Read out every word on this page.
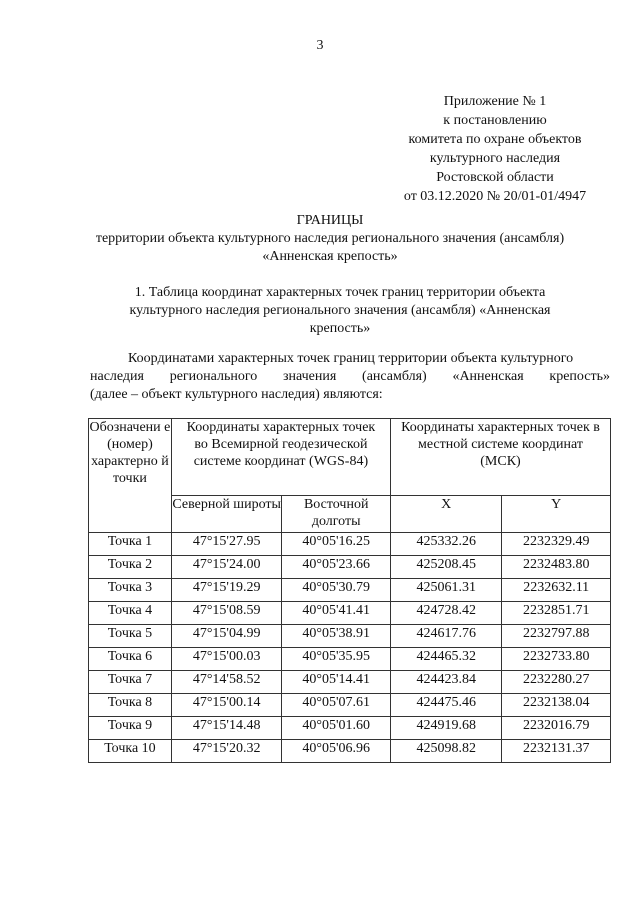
3
Приложение № 1
к постановлению
комитета по охране объектов
культурного наследия
Ростовской области
от 03.12.2020 № 20/01-01/4947
ГРАНИЦЫ
территории объекта культурного наследия регионального значения (ансамбля)
«Анненская крепость»
1. Таблица координат характерных точек границ территории объекта
культурного наследия регионального значения (ансамбля) «Анненская
крепость»
Координатами характерных точек границ территории объекта культурного
наследия регионального значения (ансамбля) «Анненская крепость»
(далее – объект культурного наследия) являются:
Обозначени е (номер) характерно й точки	Координаты характерных точек во Всемирной геодезической системе координат (WGS-84)		Координаты характерных точек в местной системе координат (МСК)	
	Северной широты	Восточной долготы	X	Y
Точка 1	47°15'27.95	40°05'16.25	425332.26	2232329.49
Точка 2	47°15'24.00	40°05'23.66	425208.45	2232483.80
Точка 3	47°15'19.29	40°05'30.79	425061.31	2232632.11
Точка 4	47°15'08.59	40°05'41.41	424728.42	2232851.71
Точка 5	47°15'04.99	40°05'38.91	424617.76	2232797.88
Точка 6	47°15'00.03	40°05'35.95	424465.32	2232733.80
Точка 7	47°14'58.52	40°05'14.41	424423.84	2232280.27
Точка 8	47°15'00.14	40°05'07.61	424475.46	2232138.04
Точка 9	47°15'14.48	40°05'01.60	424919.68	2232016.79
Точка 10	47°15'20.32	40°05'06.96	425098.82	2232131.37
